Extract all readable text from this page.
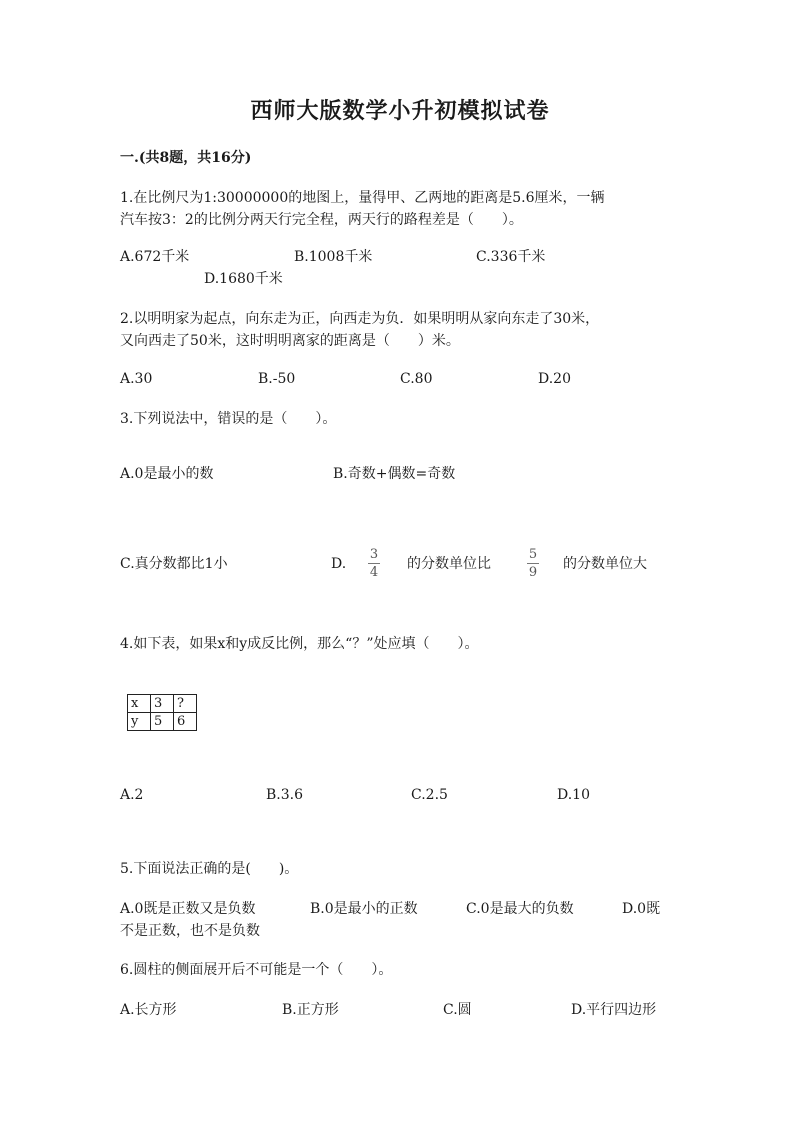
西师大版数学小升初模拟试卷
一.(共8题，共16分)
1.在比例尺为1:30000000的地图上，量得甲、乙两地的距离是5.6厘米，一辆
汽车按3：2的比例分两天行完全程，两天行的路程差是（　　）。
A.672千米	B.1008千米	C.336千米
D.1680千米
2.以明明家为起点，向东走为正，向西走为负．如果明明从家向东走了30米，
又向西走了50米，这时明明离家的距离是（　　）米。
A.30	B.-50	C.80	D.20
3.下列说法中，错误的是（　　）。
A.0是最小的数	B.奇数+偶数=奇数
C.真分数都比1小	D.
3
4
的分数单位比
5
9
的分数单位大
4.如下表，如果x和y成反比例，那么“？”处应填（　　）。
x	3	?
y	5	6
A.2	B.3.6	C.2.5	D.10
5.下面说法正确的是(　　)。
A.0既是正数又是负数	B.0是最小的正数	C.0是最大的负数	D.0既
不是正数，也不是负数
6.圆柱的侧面展开后不可能是一个（　　）。
A.长方形	B.正方形	C.圆	D.平行四边形
